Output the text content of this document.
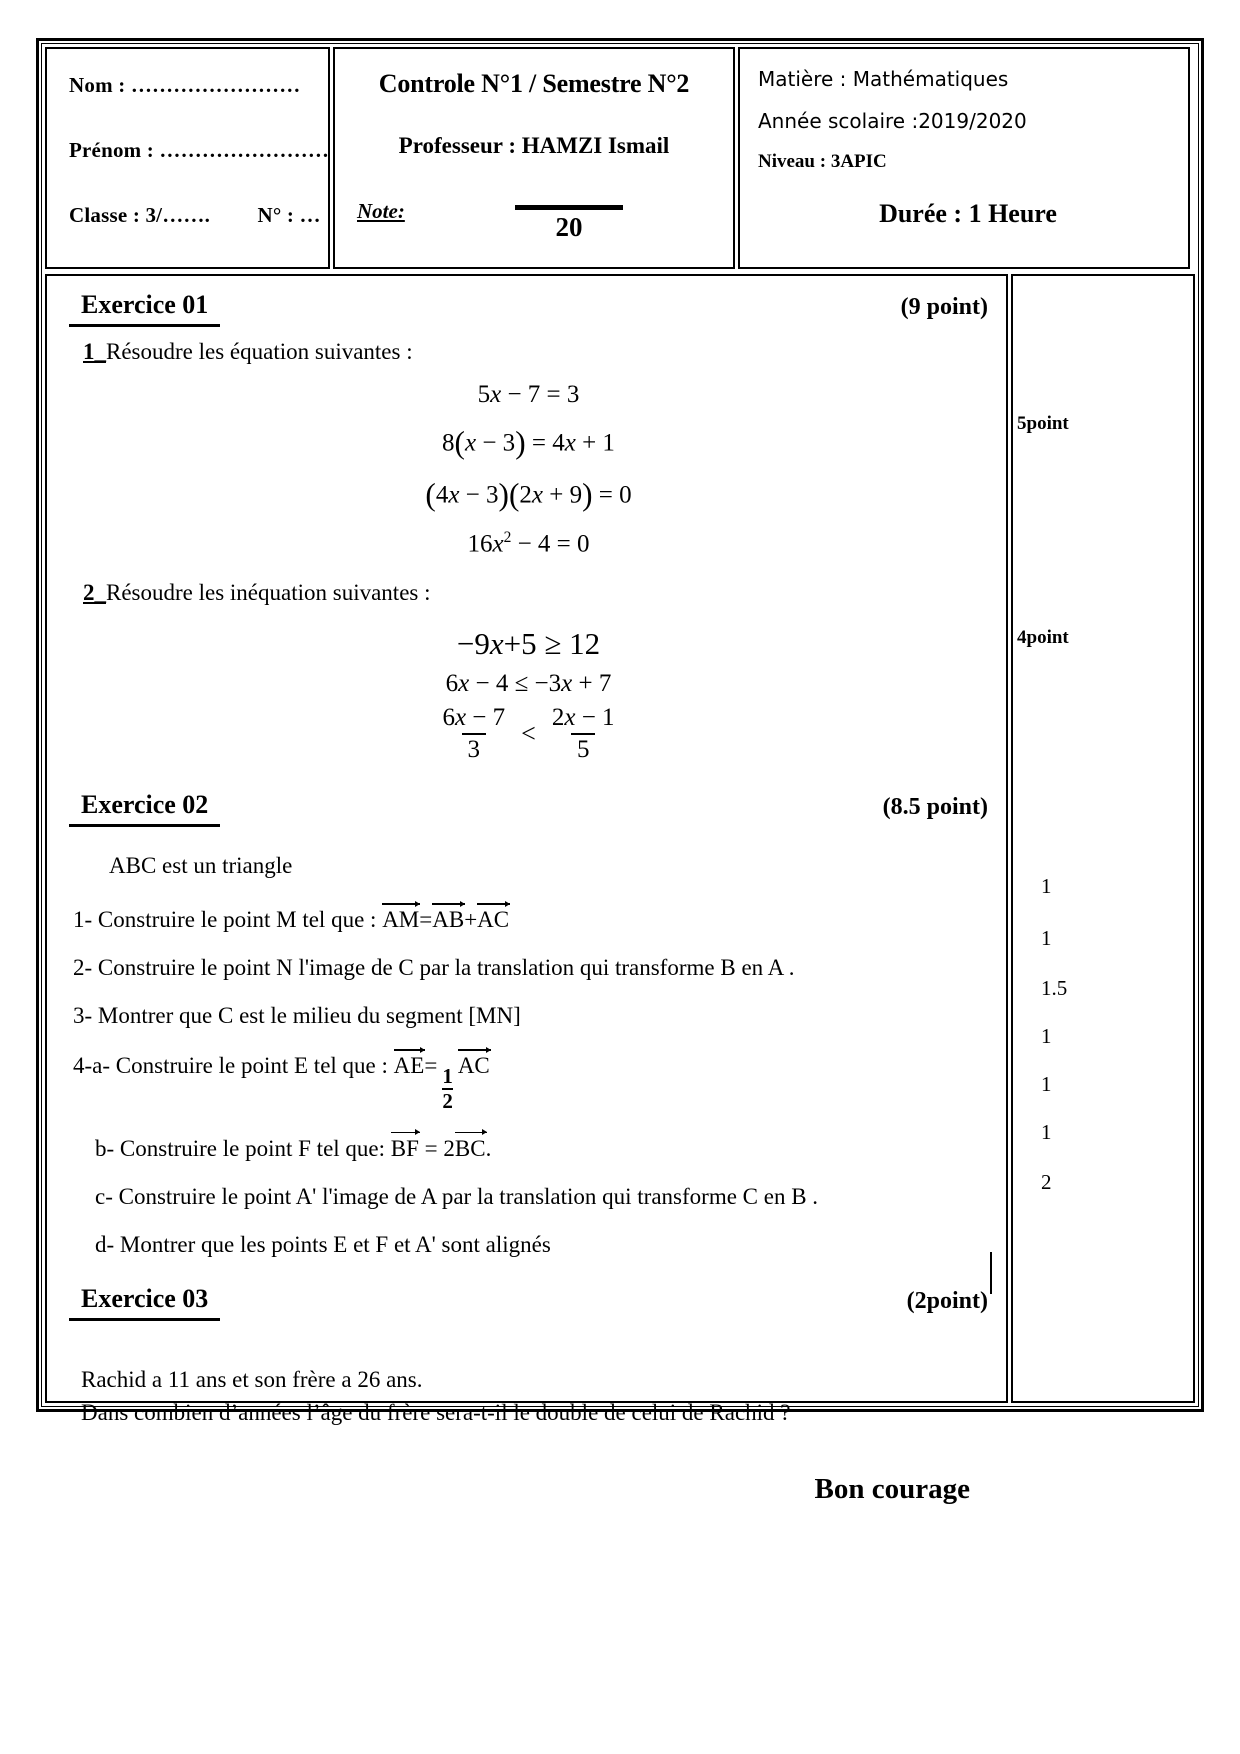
Nom : ……………………
Prénom : ……………………
Classe : 3/……. N° : …
Controle N°1 / Semestre N°2
Professeur : HAMZI Ismail
Note:
20
Matière : Mathématiques
Année scolaire :2019/2020
Niveau : 3APIC
Durée : 1 Heure
Exercice 01	(9 point)
1_Résoudre les équation suivantes :
5x − 7 = 3
8(x − 3) = 4x + 1
(4x − 3)(2x + 9) = 0
$16x^2 - 4 = 0$
2_Résoudre les inéquation suivantes :
−9x+5 ≥ 12
6x − 4 ≤ −3x + 7
$\frac{6x - 7}{3} < \frac{2x - 1}{5}$
Exercice 02	(8.5 point)
ABC est un triangle
1- Construire le point M tel que : AM=AB+AC
2- Construire le point N l'image de C par la translation qui transforme B en A .
3- Montrer que C est le milieu du segment [MN]
4-a- Construire le point E tel que : $AE= \frac{1}{2}$ AC
b- Construire le point F tel que: BF = 2BC.
c- Construire le point A' l'image de A par la translation qui transforme C en B .
d- Montrer que les points E et F et A' sont alignés
Exercice 03	(2point)
Rachid a 11 ans et son frère a 26 ans.
Dans combien d’années l’âge du frère sera-t-il le double de celui de Rachid ?
Bon courage
5point
4point
1
1
1.5
1
1
1
2
